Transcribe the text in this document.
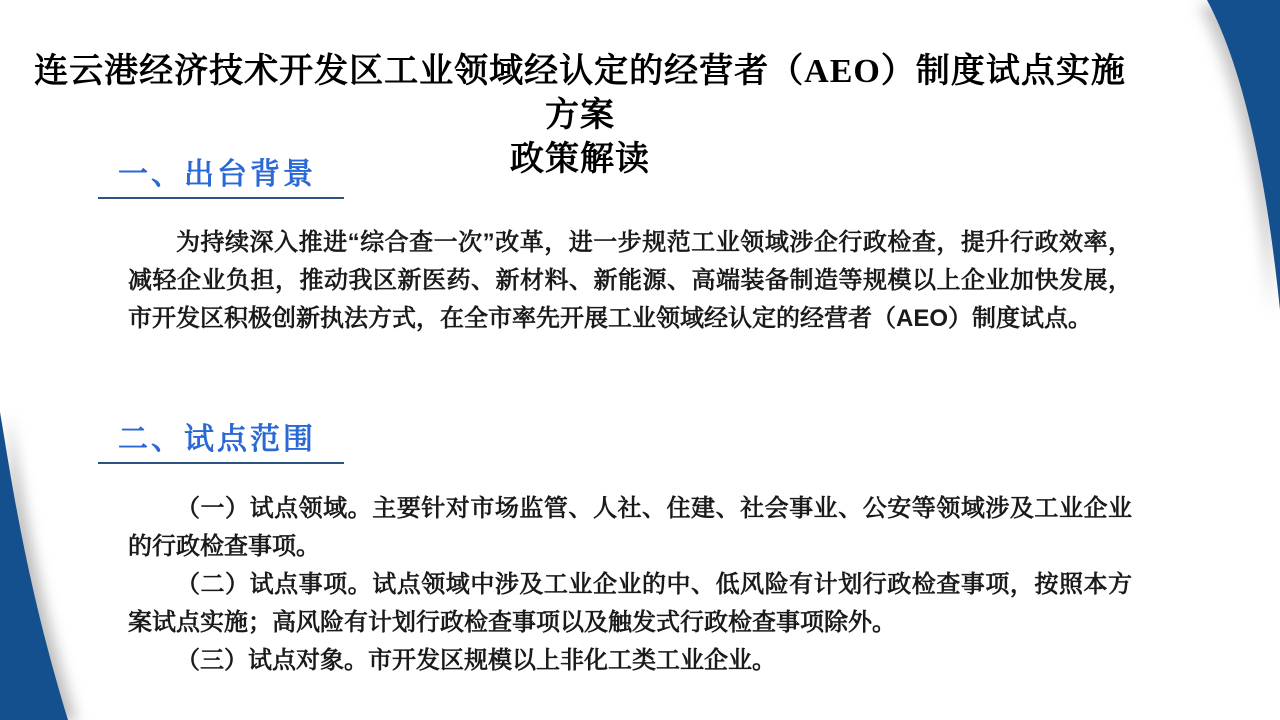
连云港经济技术开发区工业领域经认定的经营者（AEO）制度试点实施方案
政策解读
一、出台背景

为持续深入推进“综合查一次”改革，进一步规范工业领域涉企行政检查，提升行政效率，减轻企业负担，推动我区新医药、新材料、新能源、高端装备制造等规模以上企业加快发展，市开发区积极创新执法方式，在全市率先开展工业领域经认定的经营者（AEO）制度试点。

二、试点范围

（一）试点领域。主要针对市场监管、人社、住建、社会事业、公安等领域涉及工业企业的行政检查事项。

（二）试点事项。试点领域中涉及工业企业的中、低风险有计划行政检查事项，按照本方案试点实施；高风险有计划行政检查事项以及触发式行政检查事项除外。

（三）试点对象。市开发区规模以上非化工类工业企业。
